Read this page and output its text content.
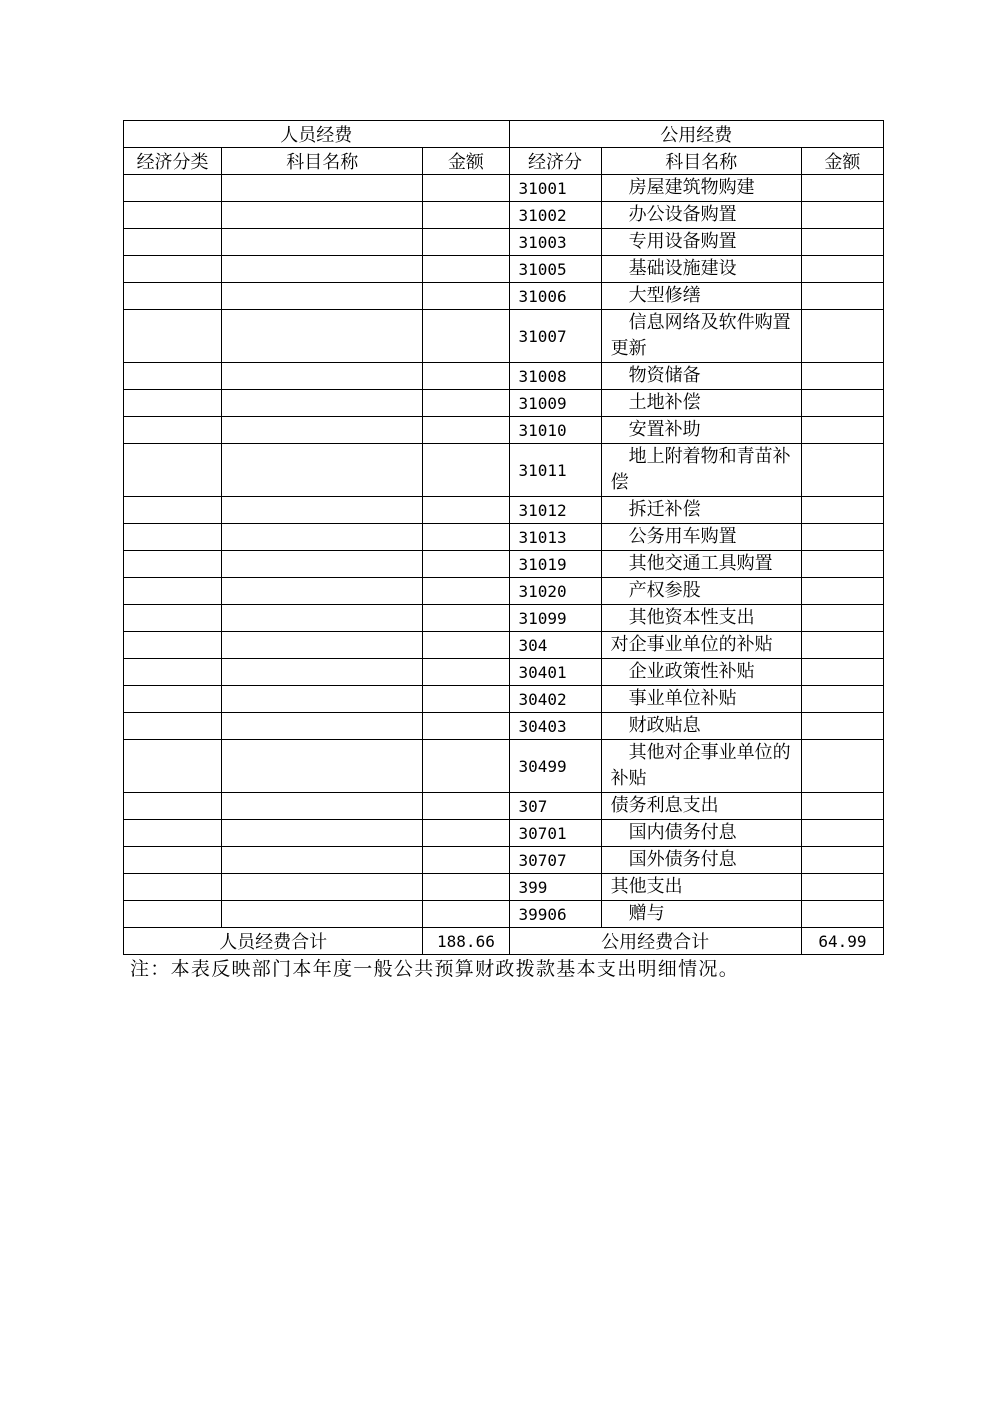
人员经费			公用经费		
经济分类	科目名称	金额	经济分	科目名称	金额
			31001	房屋建筑物购建	
			31002	办公设备购置	
			31003	专用设备购置	
			31005	基础设施建设	
			31006	大型修缮	
			31007	信息网络及软件购置更新	
			31008	物资储备	
			31009	土地补偿	
			31010	安置补助	
			31011	地上附着物和青苗补偿	
			31012	拆迁补偿	
			31013	公务用车购置	
			31019	其他交通工具购置	
			31020	产权参股	
			31099	其他资本性支出	
			304	对企事业单位的补贴	
			30401	企业政策性补贴	
			30402	事业单位补贴	
			30403	财政贴息	
			30499	其他对企事业单位的补贴	
			307	债务利息支出	
			30701	国内债务付息	
			30707	国外债务付息	
			399	其他支出	
			39906	赠与	
人员经费合计		188.66	公用经费合计		64.99
注：本表反映部门本年度一般公共预算财政拨款基本支出明细情况。
